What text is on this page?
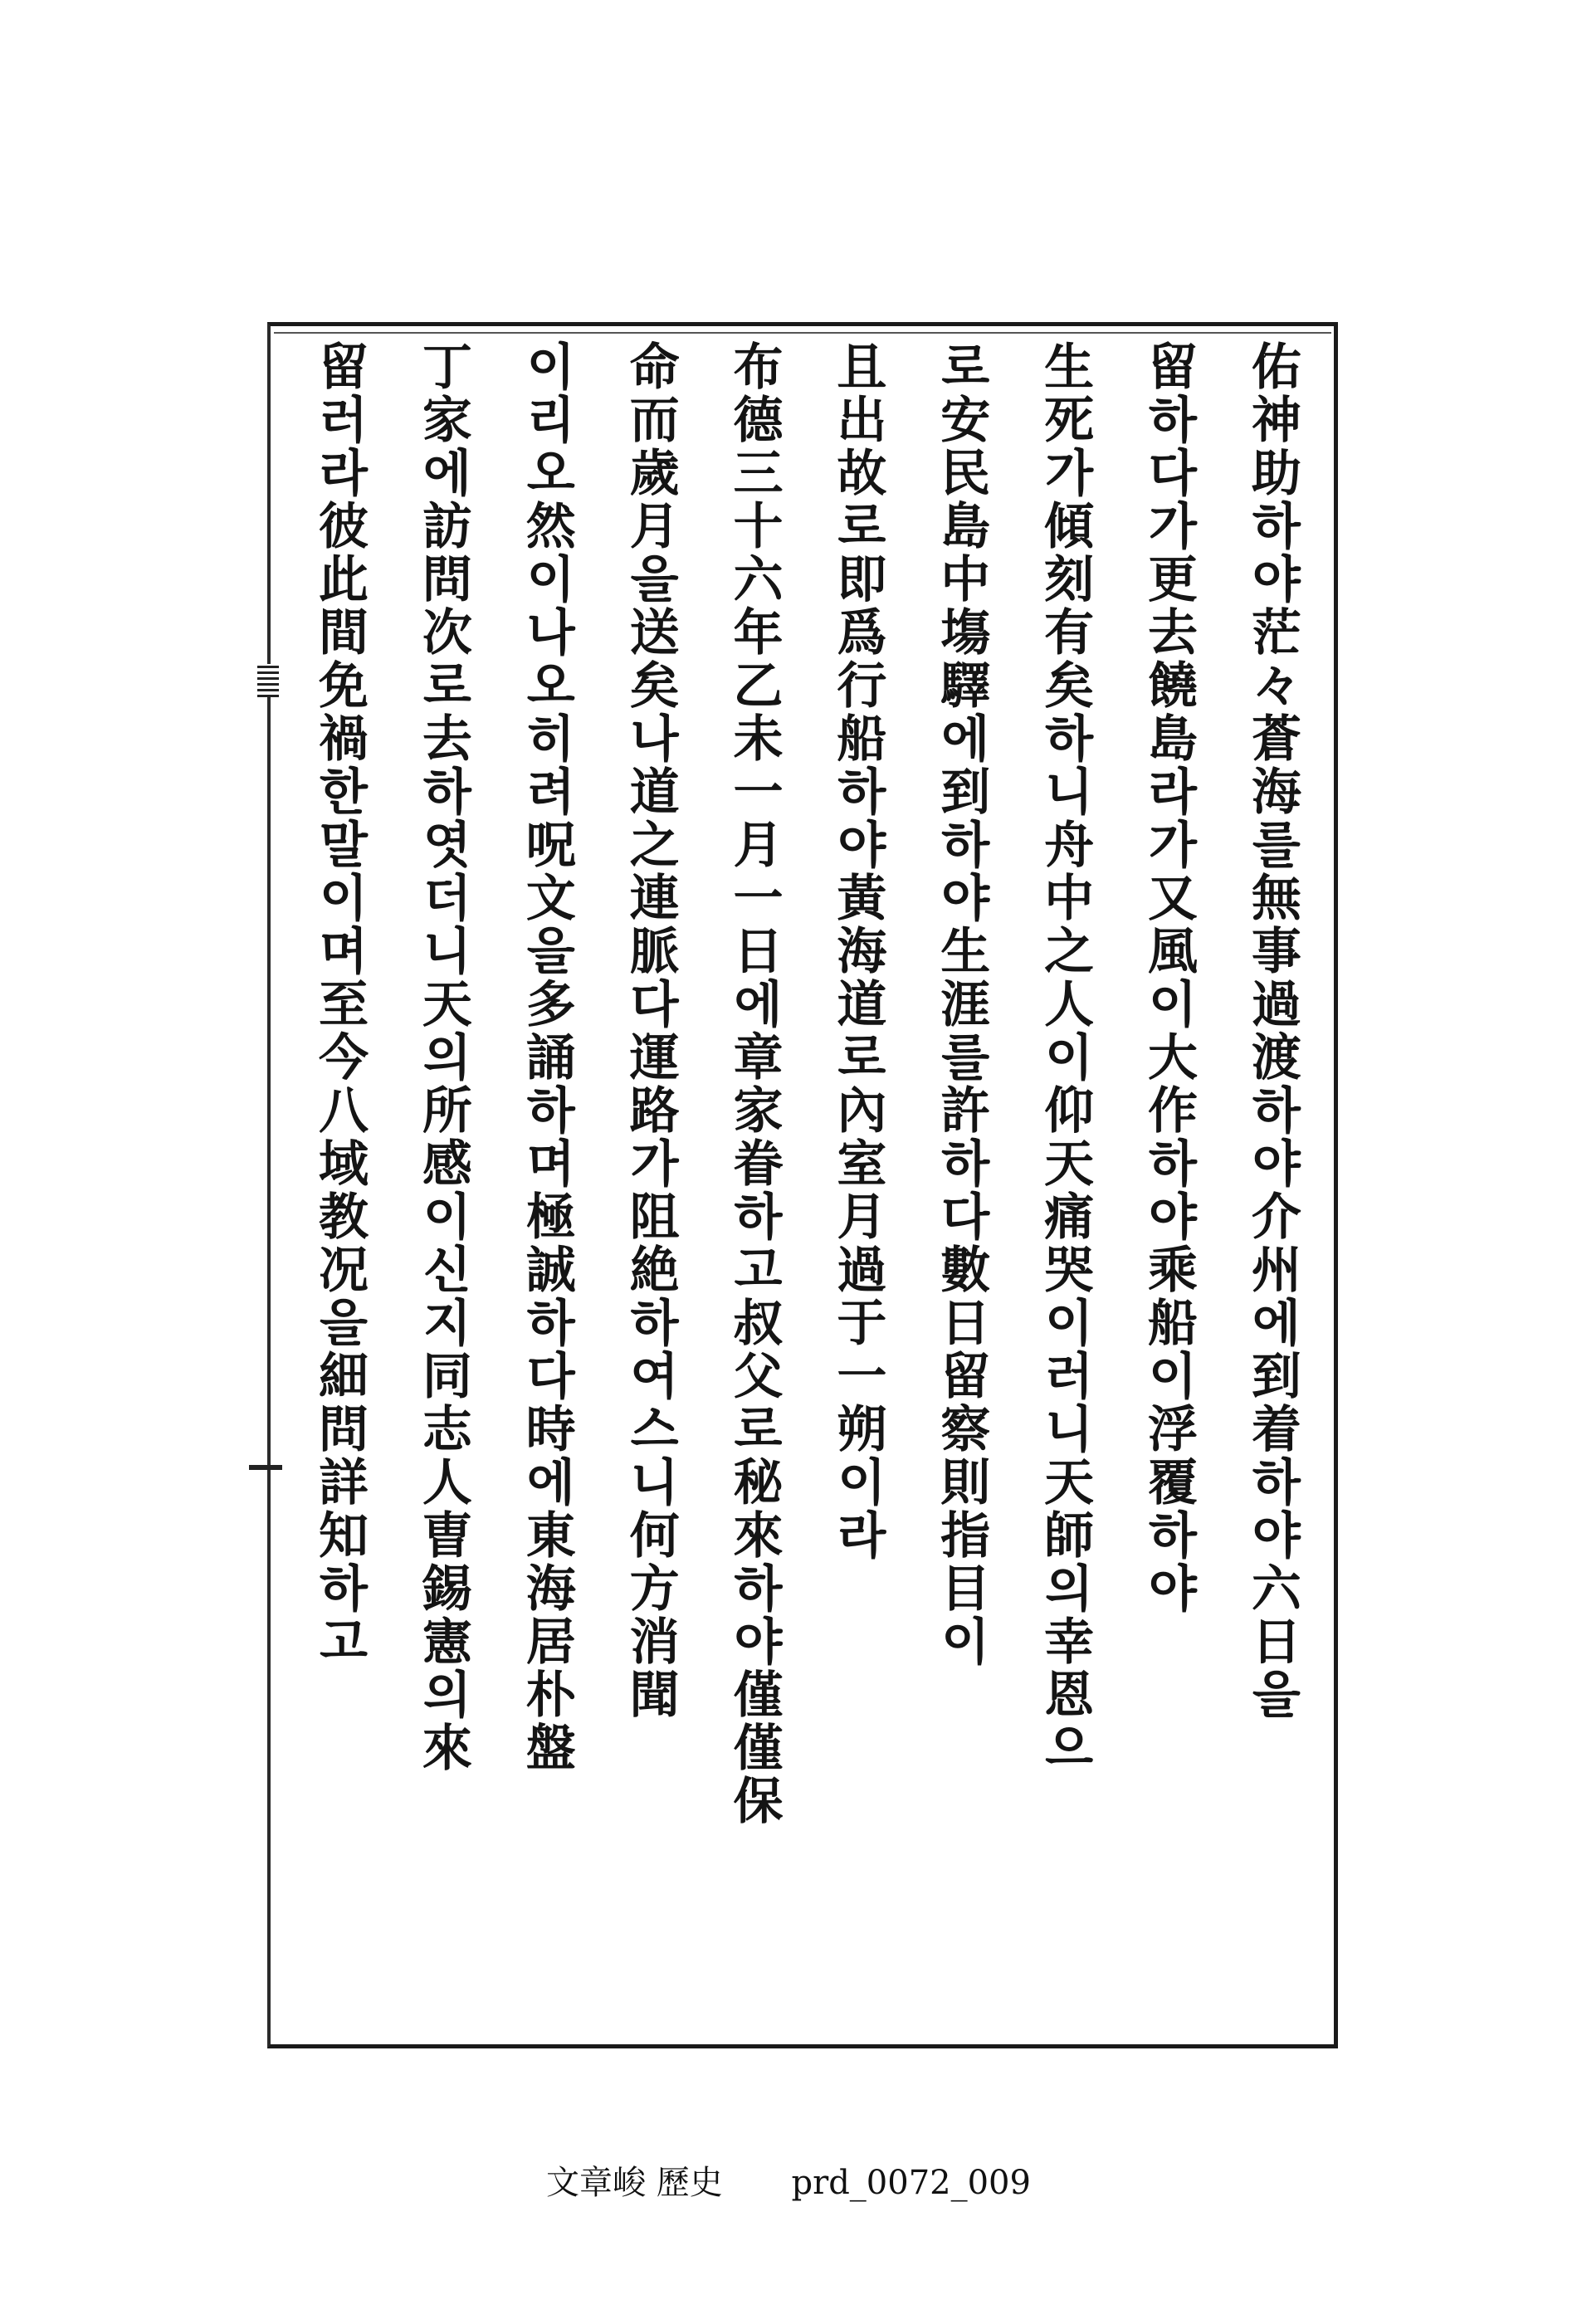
佑神助하야茫々蒼海를無事過渡하야介州에到着하야六日을
留하다가更去饒島라가又風이大作하야乘船이浮覆하야
生死가傾刻有矣하니舟中之人이仰天痛哭이러니天師의幸恩으
로安民島中塲驛에到하야生涯를許하다數日留察則指目이
且出故로即爲行船하야黃海道로內室月過于一朔이라
布德三十六年乙未一月一日에章家眷하고叔父로秘來하야僅僅保
命而歲月을送矣나道之連脈다運路가阻絶하여스니何方消聞
이리오然이나오히려呪文을多誦하며極誠하다時에東海居朴盤
丁家에訪問次로去하엿더니天의所感이신지同志人曺錫憲의來
留러라彼此間免禍한말이며至今八域教况을細問詳知하고
文章峻 歷史 prd_0072_009
